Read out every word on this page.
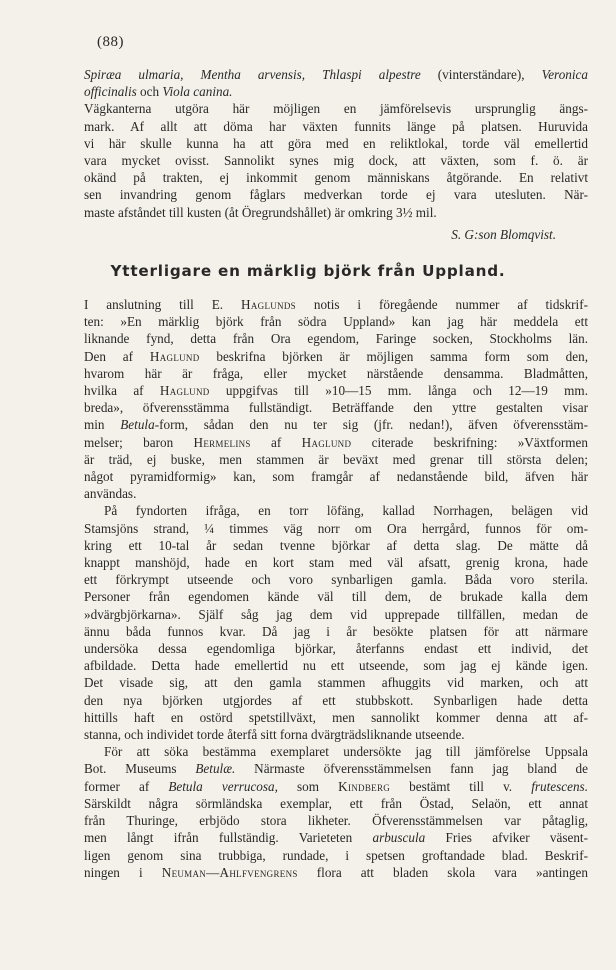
(88)
Spiræa ulmaria, Mentha arvensis, Thlaspi alpestre (vinterständare), Veronica
officinalis och Viola canina.
Vägkanterna utgöra här möjligen en jämförelsevis ursprunglig ängs-
mark. Af allt att döma har växten funnits länge på platsen. Huruvida
vi här skulle kunna ha att göra med en reliktlokal, torde väl emellertid
vara mycket ovisst. Sannolikt synes mig dock, att växten, som f. ö. är
okänd på trakten, ej inkommit genom människans åtgörande. En relativt
sen invandring genom fåglars medverkan torde ej vara utesluten. När-
maste afståndet till kusten (åt Öregrundshållet) är omkring 3½ mil.
S. G:son Blomqvist.
Ytterligare en märklig björk från Uppland.
I anslutning till E. Haglunds notis i föregående nummer af tidskrif-
ten: »En märklig björk från södra Uppland» kan jag här meddela ett
liknande fynd, detta från Ora egendom, Faringe socken, Stockholms län.
Den af Haglund beskrifna björken är möjligen samma form som den,
hvarom här är fråga, eller mycket närstående densamma. Bladmåtten,
hvilka af Haglund uppgifvas till »10—15 mm. långa och 12—19 mm.
breda», öfverensstämma fullständigt. Beträffande den yttre gestalten visar
min Betula-form, sådan den nu ter sig (jfr. nedan!), äfven öfverensstäm-
melser; baron Hermelins af Haglund citerade beskrifning: »Växtformen
är träd, ej buske, men stammen är beväxt med grenar till största delen;
något pyramidformig» kan, som framgår af nedanstående bild, äfven här
användas.
På fyndorten ifråga, en torr löfäng, kallad Norrhagen, belägen vid
Stamsjöns strand, ¼ timmes väg norr om Ora herrgård, funnos för om-
kring ett 10-tal år sedan tvenne björkar af detta slag. De mätte då
knappt manshöjd, hade en kort stam med väl afsatt, grenig krona, hade
ett förkrympt utseende och voro synbarligen gamla. Båda voro sterila.
Personer från egendomen kände väl till dem, de brukade kalla dem
»dvärgbjörkarna». Själf såg jag dem vid upprepade tillfällen, medan de
ännu båda funnos kvar. Då jag i år besökte platsen för att närmare
undersöka dessa egendomliga björkar, återfanns endast ett individ, det
afbildade. Detta hade emellertid nu ett utseende, som jag ej kände igen.
Det visade sig, att den gamla stammen afhuggits vid marken, och att
den nya björken utgjordes af ett stubbskott. Synbarligen hade detta
hittills haft en ostörd spetstillväxt, men sannolikt kommer denna att af-
stanna, och individet torde återfå sitt forna dvärgträdsliknande utseende.
För att söka bestämma exemplaret undersökte jag till jämförelse Uppsala
Bot. Museums Betulæ. Närmaste öfverensstämmelsen fann jag bland de
former af Betula verrucosa, som Kindberg bestämt till v. frutescens.
Särskildt några sörmländska exemplar, ett från Östad, Selaön, ett annat
från Thuringe, erbjödo stora likheter. Öfverensstämmelsen var påtaglig,
men långt ifrån fullständig. Varieteten arbuscula Fries afviker väsent-
ligen genom sina trubbiga, rundade, i spetsen groftandade blad. Beskrif-
ningen i Neuman—Ahlfvengrens flora att bladen skola vara »antingen
